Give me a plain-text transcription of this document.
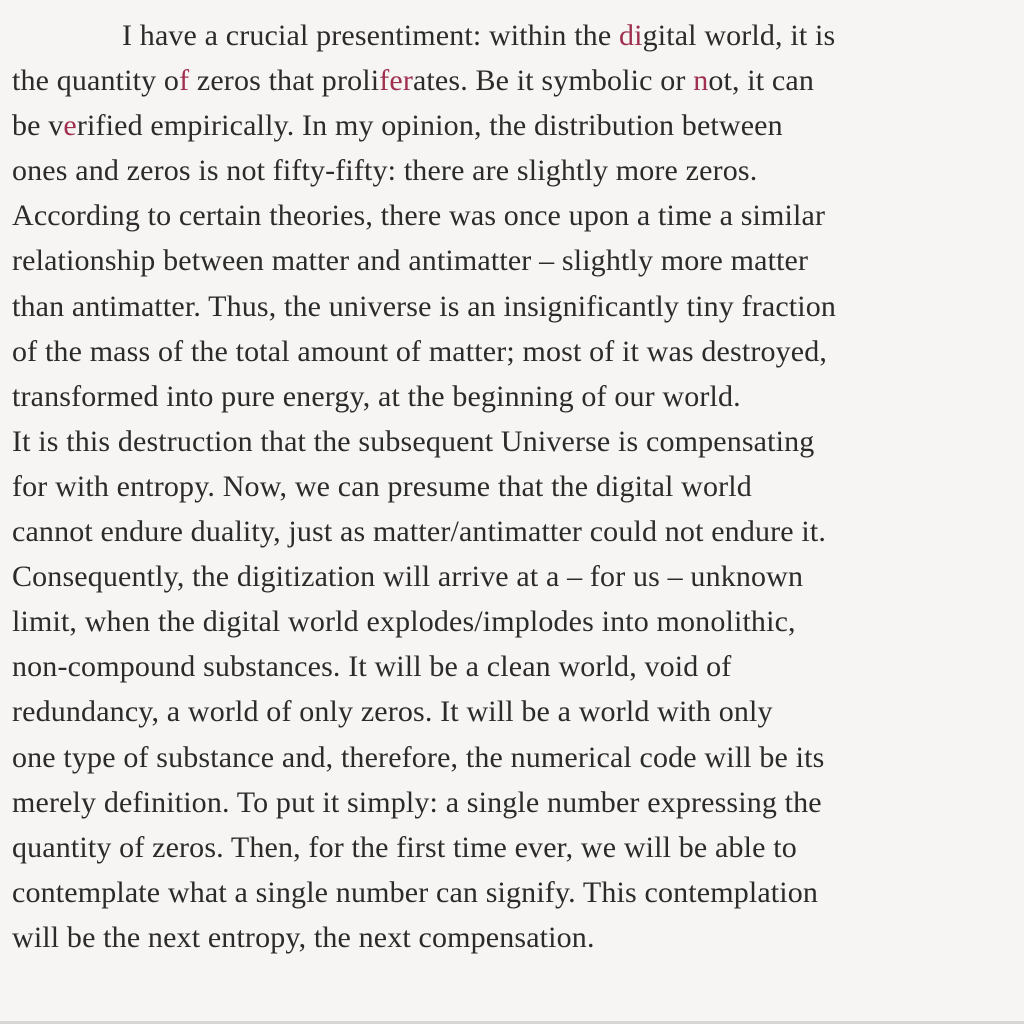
I have a crucial presentiment: within the digital world, it is
the quantity of zeros that proliferates. Be it symbolic or not, it can
be verified empirically. In my opinion, the distribution between
ones and zeros is not fifty-fifty: there are slightly more zeros.
According to certain theories, there was once upon a time a similar
relationship between matter and antimatter – slightly more matter
than antimatter. Thus, the universe is an insignificantly tiny fraction
of the mass of the total amount of matter; most of it was destroyed,
transformed into pure energy, at the beginning of our world.
It is this destruction that the subsequent Universe is compensating
for with entropy. Now, we can presume that the digital world
cannot endure duality, just as matter/antimatter could not endure it.
Consequently, the digitization will arrive at a – for us – unknown
limit, when the digital world explodes/implodes into monolithic,
non-compound substances. It will be a clean world, void of
redundancy, a world of only zeros. It will be a world with only
one type of substance and, therefore, the numerical code will be its
merely definition. To put it simply: a single number expressing the
quantity of zeros. Then, for the first time ever, we will be able to
contemplate what a single number can signify. This contemplation
will be the next entropy, the next compensation.
